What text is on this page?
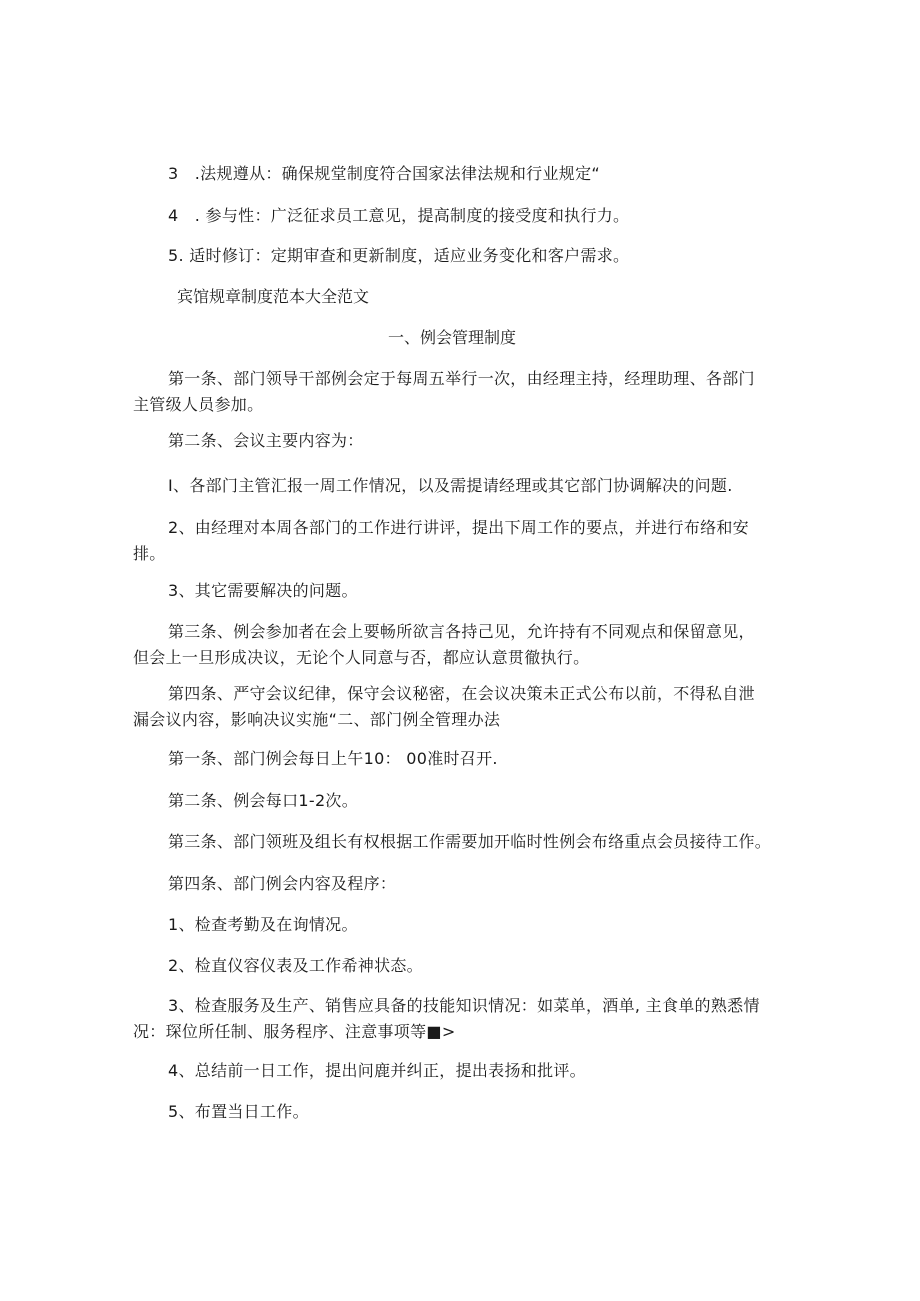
3　.法规遵从：确保规堂制度符合国家法律法规和行业规定“
4　. 参与性：广泛征求员工意见，提高制度的接受度和执行力。
5. 适时修订：定期审查和更新制度，适应业务变化和客户需求。
宾馆规章制度范本大全范文
一、例会管理制度
第一条、部门领导干部例会定于每周五举行一次，由经理主持，经理助理、各部门
主管级人员参加。
第二条、会议主要内容为：
I、各部门主管汇报一周工作情况，以及需提请经理或其它部门协调解决的问题.
2、由经理对本周各部门的工作进行讲评，提出下周工作的要点，并进行布络和安
排。
3、其它需要解决的问题。
第三条、例会参加者在会上要畅所欲言各持己见，允许持有不同观点和保留意见，
但会上一旦形成决议，无论个人同意与否，都应认意贯徹执行。
第四条、严守会议纪律，保守会议秘密，在会议决策未正式公布以前，不得私自泄
漏会议内容，影响决议实施“二、部门例全管理办法
第一条、部门例会每日上午10： 00准时召开.
第二条、例会每口1-2次。
第三条、部门领班及组长有权根据工作需要加开临时性例会布络重点会员接待工作。
第四条、部门例会内容及程序：
1、检查考勤及在询情况。
2、检直仪容仪表及工作希神状态。
3、检查服务及生产、销售应具备的技能知识情况：如菜单，酒单, 主食单的熟悉情
况：琛位所任制、服务程序、注意事项等■>
4、总结前一日工作，提出问鹿并纠正，提出表扬和批评。
5、布置当日工作。
